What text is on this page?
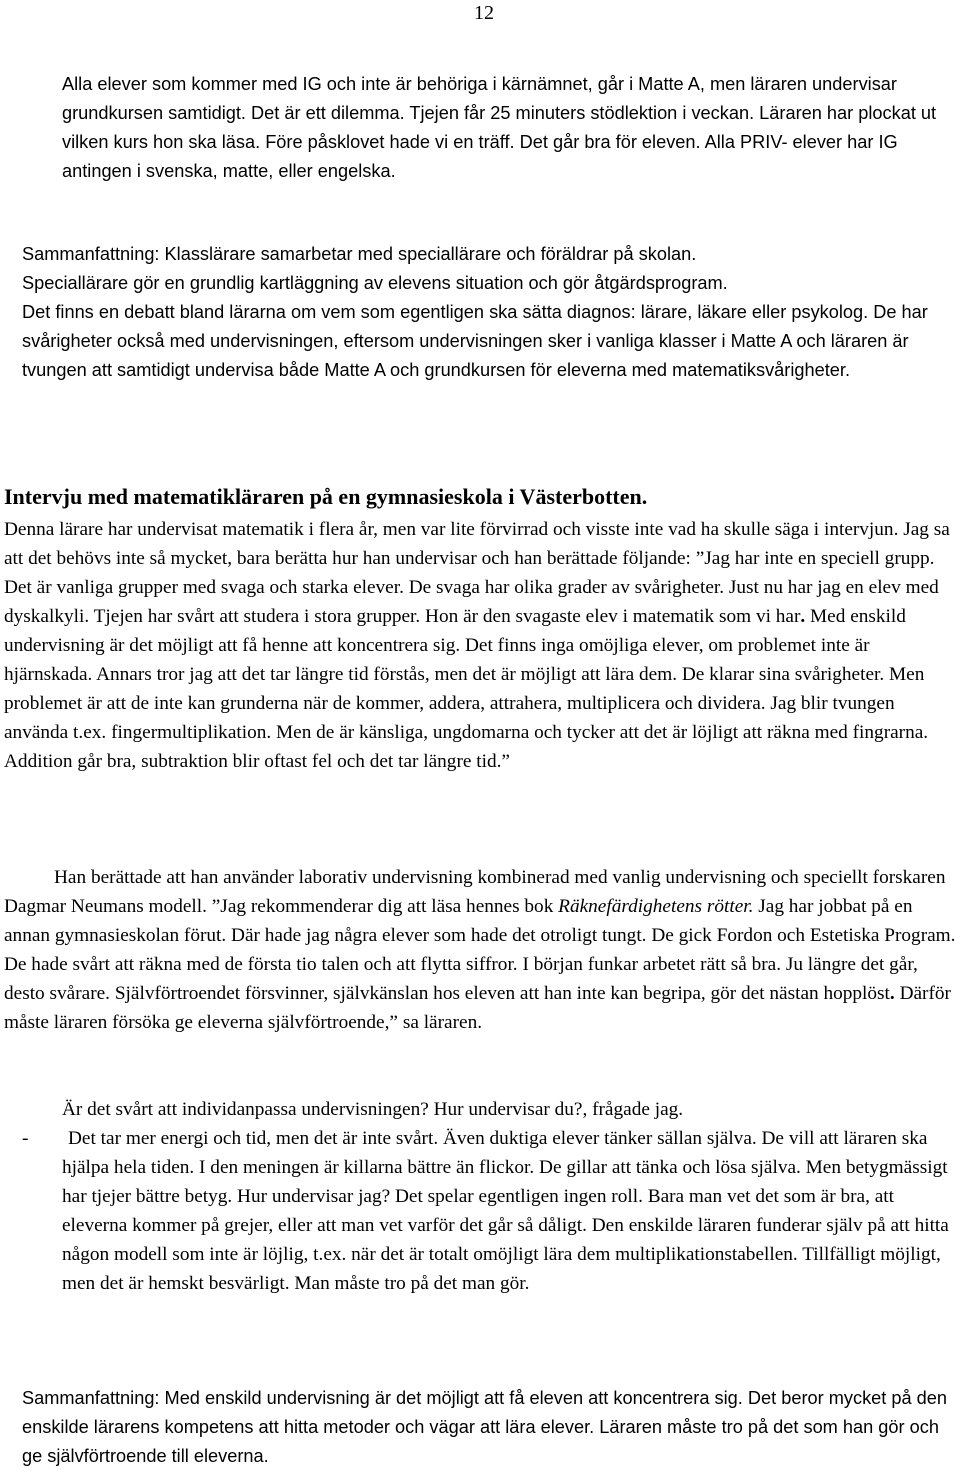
12

Alla elever som kommer med IG och inte är behöriga i kärnämnet, går i Matte A, men läraren undervisar grundkursen samtidigt. Det är ett dilemma. Tjejen får 25 minuters stödlektion i veckan. Läraren har plockat ut vilken kurs hon ska läsa. Före påsklovet hade vi en träff. Det går bra för eleven. Alla PRIV- elever har IG antingen i svenska, matte, eller engelska.

Sammanfattning: Klasslärare samarbetar med speciallärare och föräldrar på skolan.
Speciallärare gör en grundlig kartläggning av elevens situation och gör åtgärdsprogram.
Det finns en debatt bland lärarna om vem som egentligen ska sätta diagnos: lärare, läkare eller psykolog. De har svårigheter också med undervisningen, eftersom undervisningen sker i vanliga klasser i Matte A och läraren är tvungen att samtidigt undervisa både Matte A och grundkursen för eleverna med matematiksvårigheter.
Intervju med matematikläraren på en gymnasieskola i Västerbotten.

Denna lärare har undervisat matematik i flera år, men var lite förvirrad och visste inte vad ha skulle säga i intervjun. Jag sa att det behövs inte så mycket, bara berätta hur han undervisar och han berättade följande: ”Jag har inte en speciell grupp. Det är vanliga grupper med svaga och starka elever. De svaga har olika grader av svårigheter. Just nu har jag en elev med dyskalkyli. Tjejen har svårt att studera i stora grupper. Hon är den svagaste elev i matematik som vi har. Med enskild undervisning är det möjligt att få henne att koncentrera sig. Det finns inga omöjliga elever, om problemet inte är hjärnskada. Annars tror jag att det tar längre tid förstås, men det är möjligt att lära dem. De klarar sina svårigheter. Men problemet är att de inte kan grunderna när de kommer, addera, attrahera, multiplicera och dividera. Jag blir tvungen använda t.ex. fingermultiplikation. Men de är känsliga, ungdomarna och tycker att det är löjligt att räkna med fingrarna. Addition går bra, subtraktion blir oftast fel och det tar längre tid.”

Han berättade att han använder laborativ undervisning kombinerad med vanlig undervisning och speciellt forskaren Dagmar Neumans modell. ”Jag rekommenderar dig att läsa hennes bok Räknefärdighetens rötter. Jag har jobbat på en annan gymnasieskolan förut. Där hade jag några elever som hade det otroligt tungt. De gick Fordon och Estetiska Program. De hade svårt att räkna med de första tio talen och att flytta siffror. I början funkar arbetet rätt så bra. Ju längre det går, desto svårare. Självförtroendet försvinner, självkänslan hos eleven att han inte kan begripa, gör det nästan hopplöst. Därför måste läraren försöka ge eleverna självförtroende,” sa läraren.

Är det svårt att individanpassa undervisningen? Hur undervisar du?, frågade jag.

-	Det tar mer energi och tid, men det är inte svårt. Även duktiga elever tänker sällan själva. De vill att läraren ska hjälpa hela tiden. I den meningen är killarna bättre än flickor. De gillar att tänka och lösa själva. Men betygmässigt har tjejer bättre betyg. Hur undervisar jag? Det spelar egentligen ingen roll. Bara man vet det som är bra, att eleverna kommer på grejer, eller att man vet varför det går så dåligt. Den enskilde läraren funderar själv på att hitta någon modell som inte är löjlig, t.ex. när det är totalt omöjligt lära dem multiplikationstabellen. Tillfälligt möjligt, men det är hemskt besvärligt. Man måste tro på det man gör.

Sammanfattning: Med enskild undervisning är det möjligt att få eleven att koncentrera sig. Det beror mycket på den enskilde lärarens kompetens att hitta metoder och vägar att lära elever. Läraren måste tro på det som han gör och ge självförtroende till eleverna.
